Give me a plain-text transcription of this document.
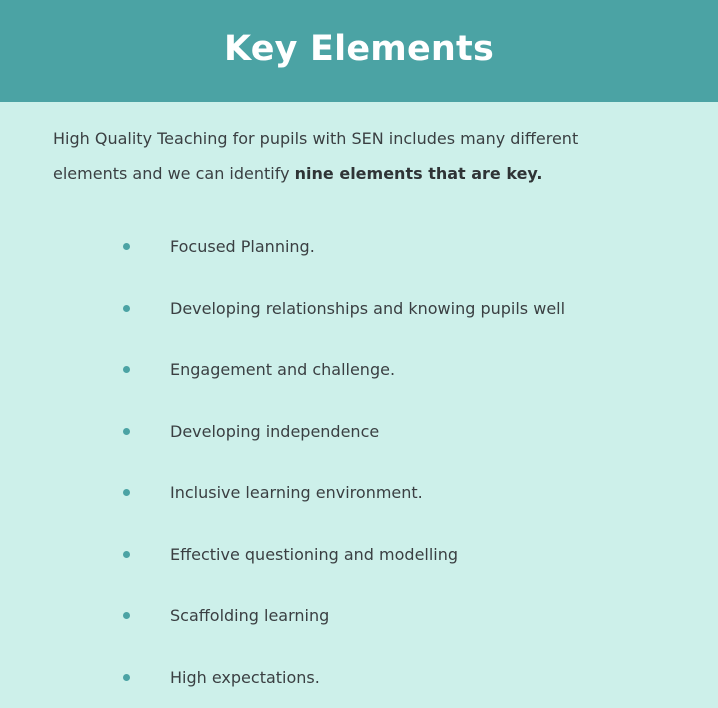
Key Elements

High Quality Teaching for pupils with SEN includes many different elements and we can identify nine elements that are key.

Focused Planning.
Developing relationships and knowing pupils well
Engagement and challenge.
Developing independence
Inclusive learning environment.
Effective questioning and modelling
Scaffolding learning
High expectations.
